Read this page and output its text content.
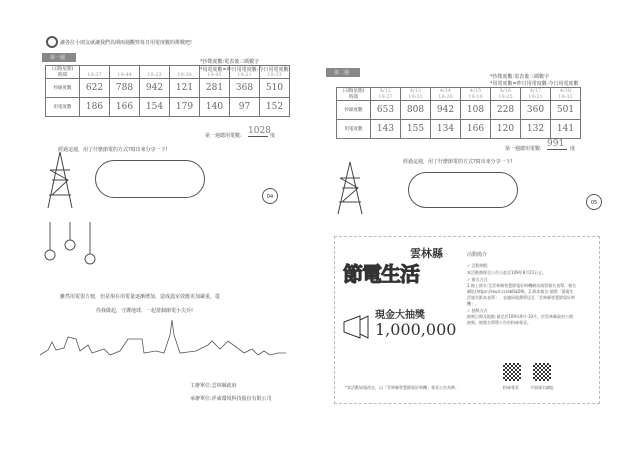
讓各位小朋友就讓我們為期兩週觀察每日用電度數的挑戰吧!
第一週
*抄錶度數:電表後三碼數字
*用電度數=昨日用電度數-今日用電度數
日期(星期)
時間	19:37	19:44	19:23	19:30	19:41	19:21	19:33
抄錶度數	622	788	942	121	281	368	510
用電度數	186	166	154	179	140	97	152
第一週總用電數: 1028 度
經過這週，用了什麼節電的方式?寫出來分享一下!
04
第二週
*抄錶度數:電表後三碼數字
*用電度數=昨日用電度數-今日用電度數
日期(星期)
時間	4/12
19:27	4/13
19:31	4/14
19:20	4/15
19:10	4/16
19:25	4/17
19:21	4/18
19:32
抄錶度數	653	808	942	108	228	360	501
用電度數	143	155	134	166	120	132	141
第一週總用電數: 991	度
經過這週，用了什麼節電的方式?寫出來分享一下!
05
雖然用電很方便，但是現在用電量逐漸增加，造成溫室效應更加嚴重，從
你我做起，守護地球，一起當個節電小尖兵!
主辦單位:雲林縣政府
承辦單位:祥威環境科技股份有限公司
雲林縣
節電生活
現金大抽獎
1,000,000
活動簡介
✓ 活動期程
本活動辦理至公告日起至109年8月21日止。
✓ 報名方式
1.線上報名:至雲林縣智慧節電好時機網站填寫報名表單，報名網址(https://reurl.cc/ebRaD9)。2.紙本報名:填寫「節電生活報名紙本表單」，並連同電費單送至「雲林縣智慧節電好時機」。
✓ 抽獎方式
抽獎日期及地點:預定於109年9月-10月，於雲林縣政府公開抽獎，抽獎名單將公告於粉絲專頁。
粉絲專頁	手冊報名網址
*本活動如遇改走，以「雲林縣智慧節電好時機」專頁公告為準。
